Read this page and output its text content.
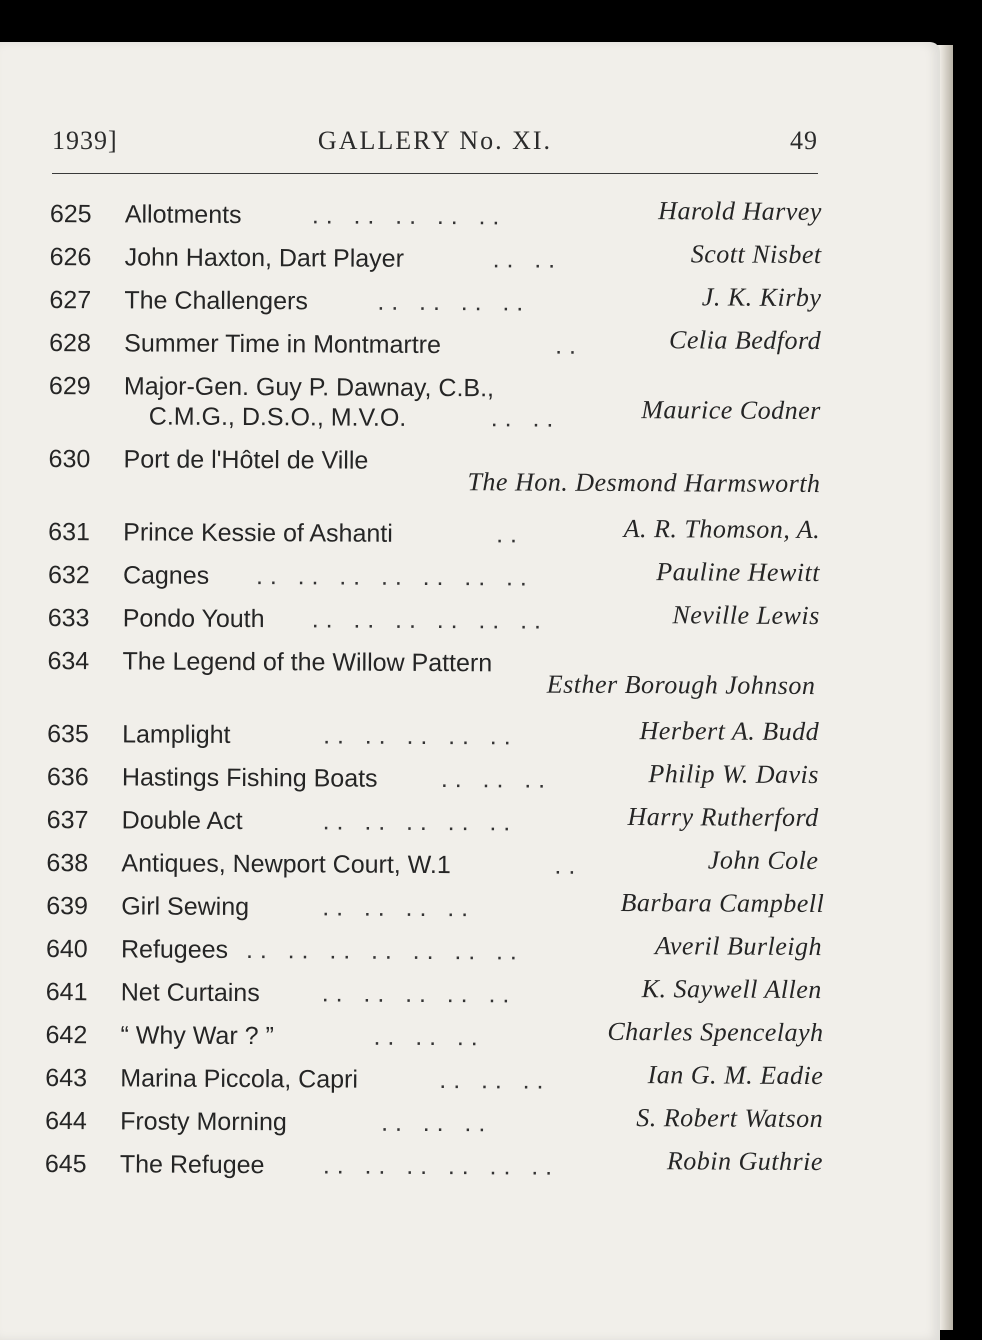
1939]	GALLERY No. XI.	49
625	Allotments	. .   . .   . .   . .   . .	Harold Harvey
626	John Haxton, Dart Player	. .   . .	Scott Nisbet
627	The Challengers	. .   . .   . .   . .	J. K. Kirby
628	Summer Time in Montmartre	. .	Celia Bedford
629	Major-Gen. Guy P. Dawnay, C.B.,
C.M.G., D.S.O., M.V.O.	. .   . .	Maurice Codner
630	Port de l'Hôtel de Ville
The Hon. Desmond Harmsworth
631	Prince Kessie of Ashanti	. .	A. R. Thomson, A.
632	Cagnes . .   . .   . .   . .   . .   . .   . .	Pauline Hewitt
633	Pondo Youth . .   . .   . .   . .   . .   . .	Neville Lewis
634	The Legend of the Willow Pattern
Esther Borough Johnson
635	Lamplight	. .   . .   . .   . .   . .	Herbert A. Budd
636	Hastings Fishing Boats	. .   . .   . .	Philip W. Davis
637	Double Act	. .   . .   . .   . .   . .	Harry Rutherford
638	Antiques, Newport Court, W.1	. .	John Cole
639	Girl Sewing	. .   . .   . .   . .	Barbara Campbell
640	Refugees . .   . .   . .   . .   . .   . .   . .	Averil Burleigh
641	Net Curtains . .   . .   . .   . .   . .	K. Saywell Allen
642	“ Why War ? ”	. .   . .   . .	Charles Spencelayh
643	Marina Piccola, Capri	. .   . .   . .	Ian G. M. Eadie
644	Frosty Morning	. .   . .   . .	S. Robert Watson
645	The Refugee . .   . .   . .   . .   . .   . .	Robin Guthrie
